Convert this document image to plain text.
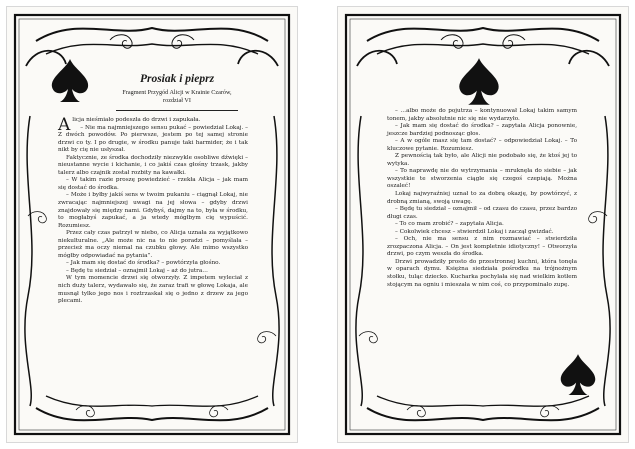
Prosiak i pieprz
Fragment Przygód Alicji w Krainie Czarów,
rozdział VI

Alicja nieśmiało podeszła do drzwi i zapukała.

– Nie ma najmniejszego sensu pukać – powiedział Lokaj. – Z dwóch powodów. Po pierwsze, jestem po tej samej stronie drzwi co ty. I po drugie, w środku panuje taki harmider, że i tak nikt by cię nie usłyszał.

Faktycznie, ze środka dochodziły niezwykle osobliwe dźwięki – nieustanne wycie i kichanie, i co jakiś czas głośny trzask, jakby talerz albo czajnik został rozbity na kawałki.

– W takim razie proszę powiedzieć – rzekła Alicja – jak mam się dostać do środka.

– Może i byłby jakiś sens w twoim pukaniu – ciągnął Lokaj, nie zwracając najmniejszej uwagi na jej słowa – gdyby drzwi znajdowały się między nami. Gdybyś, dajmy na to, była w środku, to mogłabyś zapukać, a ja wtedy mógłbym cię wypuścić. Rozumiesz.

Przez cały czas patrzył w niebo, co Alicja uznała za wyjątkowo niekulturalne. „Ale może nic na to nie poradzi – pomyślała – przecież ma oczy niemal na czubku głowy. Ale mimo wszystko mógłby odpowiadać na pytania”.

– Jak mam się dostać do środka? – powtórzyła głośno.

– Będę tu siedział – oznajmił Lokaj – aż do jutra…

W tym momencie drzwi się otworzyły. Z impetem wyleciał z nich duży talerz, wydawało się, że zaraz trafi w głowę Lokaja, ale musnął tylko jego nos i roztrzaskał się o jedno z drzew za jego plecami.

– …albo może do pojutrza – kontynuował Lokaj takim samym tonem, jakby absolutnie nic się nie wydarzyło.

– Jak mam się dostać do środka? – zapytała Alicja ponownie, jeszcze bardziej podnosząc głos.

– A w ogóle masz się tam dostać? – odpowiedział Lokaj. – To kluczowe pytanie. Rozumiesz.

Z pewnością tak było, ale Alicji nie podobało się, że ktoś jej to wytyka.

– To naprawdę nie do wytrzymania – mruknęła do siebie – jak wszystkie te stworzenia ciągle się czegoś czepiają. Można oszaleć!

Lokaj najwyraźniej uznał to za dobrą okazję, by powtórzyć, z drobną zmianą, swoją uwagę.

– Będę tu siedział – oznajmił – od czasu do czasu, przez bardzo długi czas.

– To co mam zrobić? – zapytała Alicja.

– Cokolwiek chcesz – stwierdził Lokaj i zaczął gwizdać.

– Och, nie ma sensu z nim rozmawiać – stwierdziła zrozpaczona Alicja. – On jest kompletnie idiotyczny! – Otworzyła drzwi, po czym weszła do środka.

Drzwi prowadziły prosto do przestronnej kuchni, która tonęła w oparach dymu. Księżna siedziała pośrodku na trójnożnym stołku, tuląc dziecko. Kucharka pochylała się nad wielkim kotłem stojącym na ogniu i mieszała w nim coś, co przypominało zupę.
